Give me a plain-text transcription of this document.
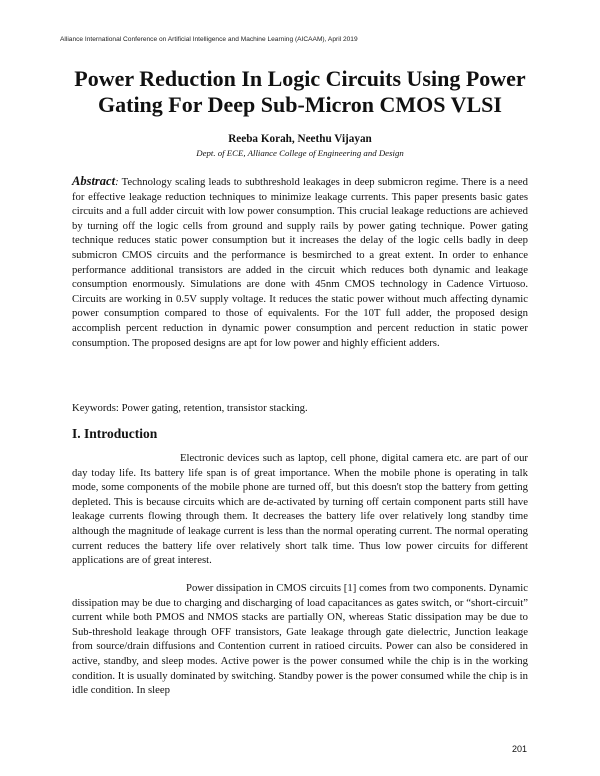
Alliance International Conference on Artificial Intelligence and Machine Learning (AICAAM), April 2019
Power Reduction In Logic Circuits Using Power Gating For Deep Sub-Micron CMOS VLSI
Reeba Korah, Neethu Vijayan
Dept. of ECE, Alliance College of Engineering and Design

Abstract: Technology scaling leads to subthreshold leakages in deep submicron regime. There is a need for effective leakage reduction techniques to minimize leakage currents. This paper presents basic gates circuits and a full adder circuit with low power consumption. This crucial leakage reductions are achieved by turning off the logic cells from ground and supply rails by power gating technique. Power gating technique reduces static power consumption but it increases the delay of the logic cells badly in deep submicron CMOS circuits and the performance is besmirched to a great extent. In order to enhance performance additional transistors are added in the circuit which reduces both dynamic and leakage consumption enormously. Simulations are done with 45nm CMOS technology in Cadence Virtuoso. Circuits are working in 0.5V supply voltage. It reduces the static power without much affecting dynamic power consumption compared to those of equivalents. For the 10T full adder, the proposed design accomplish percent reduction in dynamic power consumption and percent reduction in static power consumption. The proposed designs are apt for low power and highly efficient adders.

Keywords: Power gating, retention, transistor stacking.
I. Introduction

Electronic devices such as laptop, cell phone, digital camera etc. are part of our day today life. Its battery life span is of great importance. When the mobile phone is operating in talk mode, some components of the mobile phone are turned off, but this doesn't stop the battery from getting depleted. This is because circuits which are de-activated by turning off certain component parts still have leakage currents flowing through them. It decreases the battery life over relatively long standby time although the magnitude of leakage current is less than the normal operating current. The normal operating current reduces the battery life over relatively short talk time. Thus low power circuits for different applications are of great interest.

Power dissipation in CMOS circuits [1] comes from two components. Dynamic dissipation may be due to charging and discharging of load capacitances as gates switch, or “short-circuit” current while both PMOS and NMOS stacks are partially ON, whereas Static dissipation may be due to Sub-threshold leakage through OFF transistors, Gate leakage through gate dielectric, Junction leakage from source/drain diffusions and Contention current in ratioed circuits. Power can also be considered in active, standby, and sleep modes. Active power is the power consumed while the chip is in the working condition. It is usually dominated by switching. Standby power is the power consumed while the chip is in idle condition. In sleep

201
